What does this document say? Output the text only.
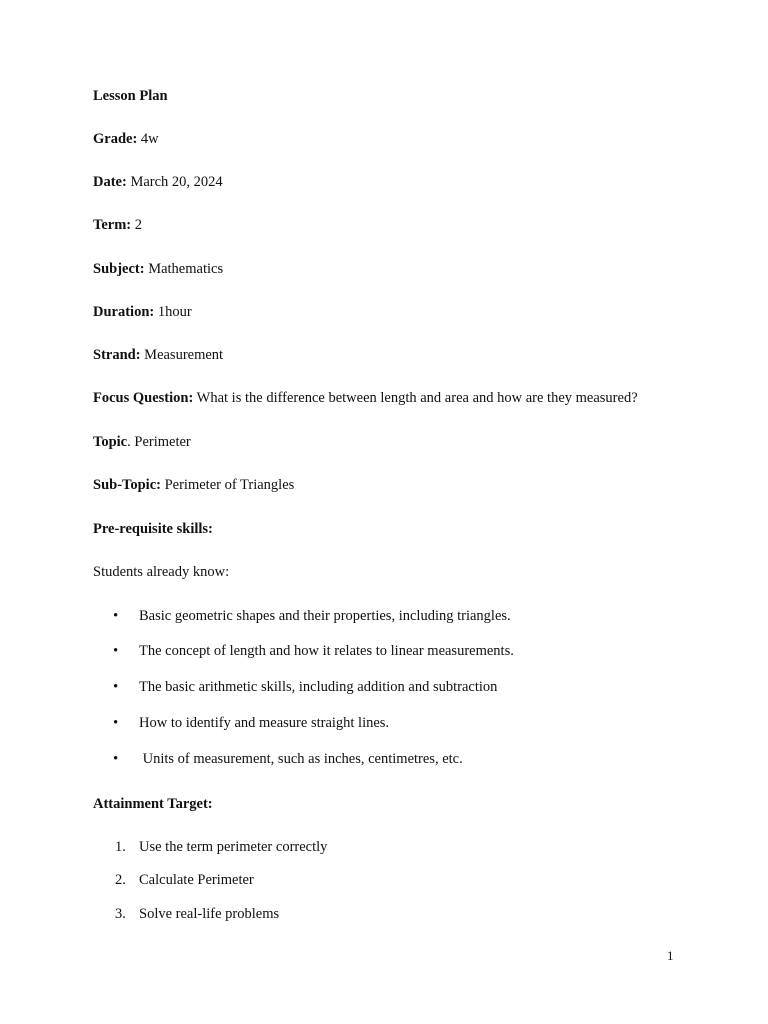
Lesson Plan
Grade: 4w
Date: March 20, 2024
Term: 2
Subject: Mathematics
Duration: 1hour
Strand: Measurement
Focus Question: What is the difference between length and area and how are they measured?
Topic. Perimeter
Sub-Topic: Perimeter of Triangles
Pre-requisite skills:
Students already know:
•	Basic geometric shapes and their properties, including triangles.
•	The concept of length and how it relates to linear measurements.
•	The basic arithmetic skills, including addition and subtraction
•	How to identify and measure straight lines.
•	Units of measurement, such as inches, centimetres, etc.
Attainment Target:
1. Use the term perimeter correctly
2. Calculate Perimeter
3. Solve real-life problems
1
